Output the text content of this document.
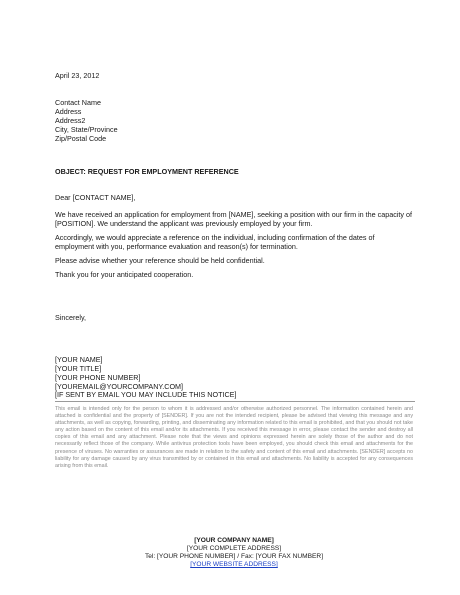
April 23, 2012
Contact Name
Address
Address2
City, State/Province
Zip/Postal Code
OBJECT: REQUEST FOR EMPLOYMENT REFERENCE
Dear [CONTACT NAME],

We have received an application for employment from [NAME], seeking a position with our firm in the capacity of [POSITION]. We understand the applicant was previously employed by your firm.

Accordingly, we would appreciate a reference on the individual, including confirmation of the dates of employment with you, performance evaluation and reason(s) for termination.

Please advise whether your reference should be held confidential.

Thank you for your anticipated cooperation.

Sincerely,
[YOUR NAME]
[YOUR TITLE]
[YOUR PHONE NUMBER]
[YOUREMAIL@YOURCOMPANY.COM]
[IF SENT BY EMAIL YOU MAY INCLUDE THIS NOTICE]
This email is intended only for the person to whom it is addressed and/or otherwise authorized personnel. The information contained herein and attached is confidential and the property of [SENDER]. If you are not the intended recipient, please be advised that viewing this message and any attachments, as well as copying, forwarding, printing, and disseminating any information related to this email is prohibited, and that you should not take any action based on the content of this email and/or its attachments. If you received this message in error, please contact the sender and destroy all copies of this email and any attachment. Please note that the views and opinions expressed herein are solely those of the author and do not necessarily reflect those of the company. While antivirus protection tools have been employed, you should check this email and attachments for the presence of viruses. No warranties or assurances are made in relation to the safety and content of this email and attachments. [SENDER] accepts no liability for any damage caused by any virus transmitted by or contained in this email and attachments. No liability is accepted for any consequences arising from this email.
[YOUR COMPANY NAME]
[YOUR COMPLETE ADDRESS]
Tel: [YOUR PHONE NUMBER] / Fax: [YOUR FAX NUMBER]
[YOUR WEBSITE ADDRESS]
